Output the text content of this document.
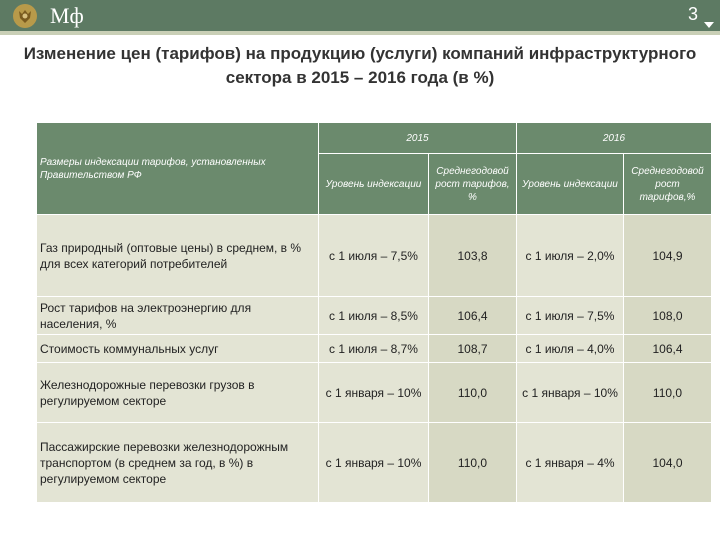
Мф	3
Изменение цен (тарифов) на продукцию (услуги) компаний инфраструктурного
сектора в 2015 – 2016 года (в %)
Размеры индексации тарифов, установленных Правительством РФ	2015		2016	
	Уровень индексации	Среднегодовой рост тарифов, %	Уровень индексации	Среднегодовой рост тарифов,%
Газ природный (оптовые цены) в среднем, в % для всех категорий потребителей	с 1 июля – 7,5%	103,8	с 1 июля – 2,0%	104,9
Рост тарифов на электроэнергию для населения, %	с 1 июля – 8,5%	106,4	с 1 июля – 7,5%	108,0
Стоимость коммунальных услуг	с 1 июля – 8,7%	108,7	с 1 июля – 4,0%	106,4
Железнодорожные перевозки грузов в регулируемом секторе	с 1 января – 10%	110,0	с 1 января – 10%	110,0
Пассажирские перевозки железнодорожным транспортом (в среднем за год, в %) в регулируемом секторе	с 1 января – 10%	110,0	с 1 января – 4%	104,0
